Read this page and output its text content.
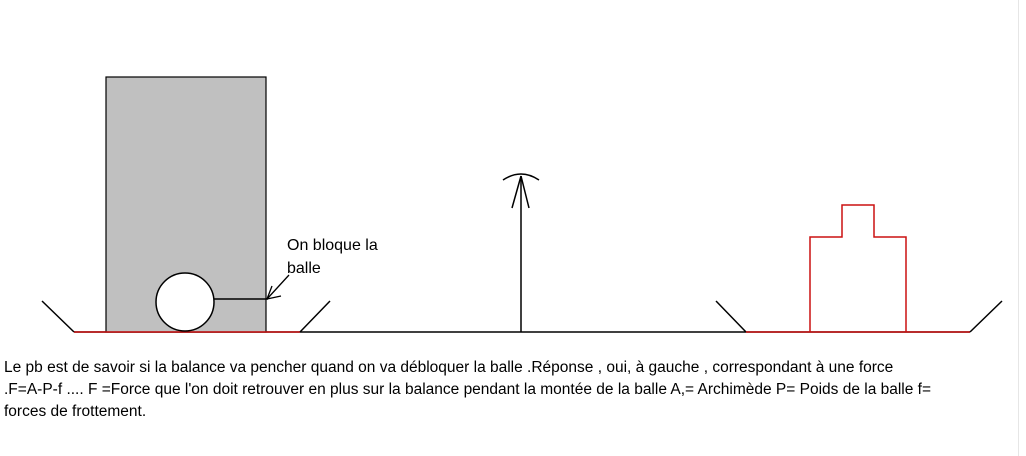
On bloque la
balle
Le pb est de savoir si la balance va pencher quand on va débloquer la balle .Réponse , oui, à gauche , correspondant à une force
.F=A-P-f .... F =Force que l'on doit retrouver en plus sur la balance pendant la montée de la balle A,= Archimède P= Poids de la balle f=
forces de frottement.
